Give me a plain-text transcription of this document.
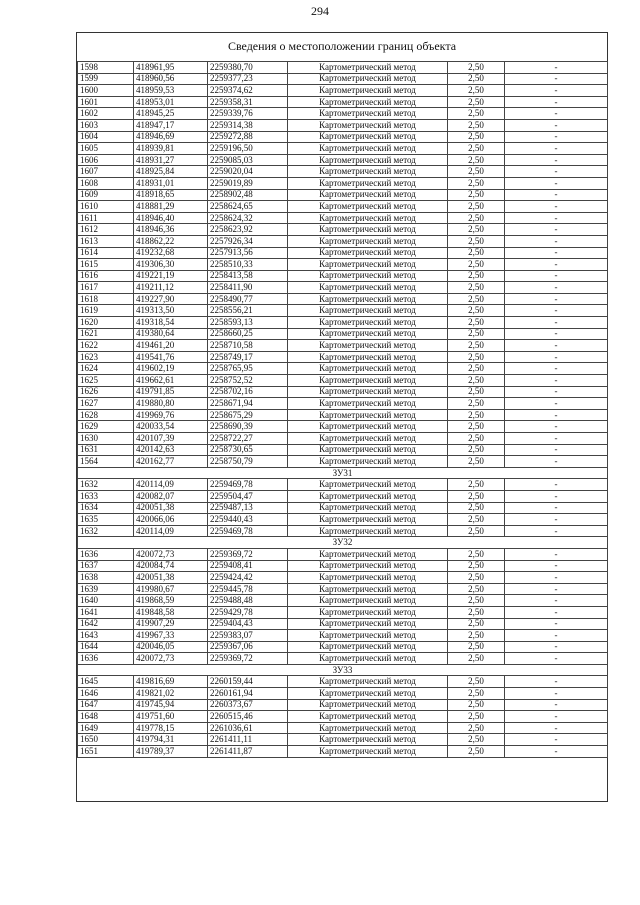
294
Сведения о местоположении границ объекта
1598	418961,95	2259380,70	Картометрический метод	2,50	-
1599	418960,56	2259377,23	Картометрический метод	2,50	-
1600	418959,53	2259374,62	Картометрический метод	2,50	-
1601	418953,01	2259358,31	Картометрический метод	2,50	-
1602	418945,25	2259339,76	Картометрический метод	2,50	-
1603	418947,17	2259314,38	Картометрический метод	2,50	-
1604	418946,69	2259272,88	Картометрический метод	2,50	-
1605	418939,81	2259196,50	Картометрический метод	2,50	-
1606	418931,27	2259085,03	Картометрический метод	2,50	-
1607	418925,84	2259020,04	Картометрический метод	2,50	-
1608	418931,01	2259019,89	Картометрический метод	2,50	-
1609	418918,65	2258902,48	Картометрический метод	2,50	-
1610	418881,29	2258624,65	Картометрический метод	2,50	-
1611	418946,40	2258624,32	Картометрический метод	2,50	-
1612	418946,36	2258623,92	Картометрический метод	2,50	-
1613	418862,22	2257926,34	Картометрический метод	2,50	-
1614	419232,68	2257913,56	Картометрический метод	2,50	-
1615	419306,30	2258510,33	Картометрический метод	2,50	-
1616	419221,19	2258413,58	Картометрический метод	2,50	-
1617	419211,12	2258411,90	Картометрический метод	2,50	-
1618	419227,90	2258490,77	Картометрический метод	2,50	-
1619	419313,50	2258556,21	Картометрический метод	2,50	-
1620	419318,54	2258593,13	Картометрический метод	2,50	-
1621	419380,64	2258660,25	Картометрический метод	2,50	-
1622	419461,20	2258710,58	Картометрический метод	2,50	-
1623	419541,76	2258749,17	Картометрический метод	2,50	-
1624	419602,19	2258765,95	Картометрический метод	2,50	-
1625	419662,61	2258752,52	Картометрический метод	2,50	-
1626	419791,85	2258702,16	Картометрический метод	2,50	-
1627	419880,80	2258671,94	Картометрический метод	2,50	-
1628	419969,76	2258675,29	Картометрический метод	2,50	-
1629	420033,54	2258690,39	Картометрический метод	2,50	-
1630	420107,39	2258722,27	Картометрический метод	2,50	-
1631	420142,63	2258730,65	Картометрический метод	2,50	-
1564	420162,77	2258750,79	Картометрический метод	2,50	-
ЗУ31					
1632	420114,09	2259469,78	Картометрический метод	2,50	-
1633	420082,07	2259504,47	Картометрический метод	2,50	-
1634	420051,38	2259487,13	Картометрический метод	2,50	-
1635	420066,06	2259440,43	Картометрический метод	2,50	-
1632	420114,09	2259469,78	Картометрический метод	2,50	-
ЗУ32					
1636	420072,73	2259369,72	Картометрический метод	2,50	-
1637	420084,74	2259408,41	Картометрический метод	2,50	-
1638	420051,38	2259424,42	Картометрический метод	2,50	-
1639	419980,67	2259445,78	Картометрический метод	2,50	-
1640	419868,59	2259488,48	Картометрический метод	2,50	-
1641	419848,58	2259429,78	Картометрический метод	2,50	-
1642	419907,29	2259404,43	Картометрический метод	2,50	-
1643	419967,33	2259383,07	Картометрический метод	2,50	-
1644	420046,05	2259367,06	Картометрический метод	2,50	-
1636	420072,73	2259369,72	Картометрический метод	2,50	-
ЗУ33					
1645	419816,69	2260159,44	Картометрический метод	2,50	-
1646	419821,02	2260161,94	Картометрический метод	2,50	-
1647	419745,94	2260373,67	Картометрический метод	2,50	-
1648	419751,60	2260515,46	Картометрический метод	2,50	-
1649	419778,15	2261036,61	Картометрический метод	2,50	-
1650	419794,31	2261411,11	Картометрический метод	2,50	-
1651	419789,37	2261411,87	Картометрический метод	2,50	-
